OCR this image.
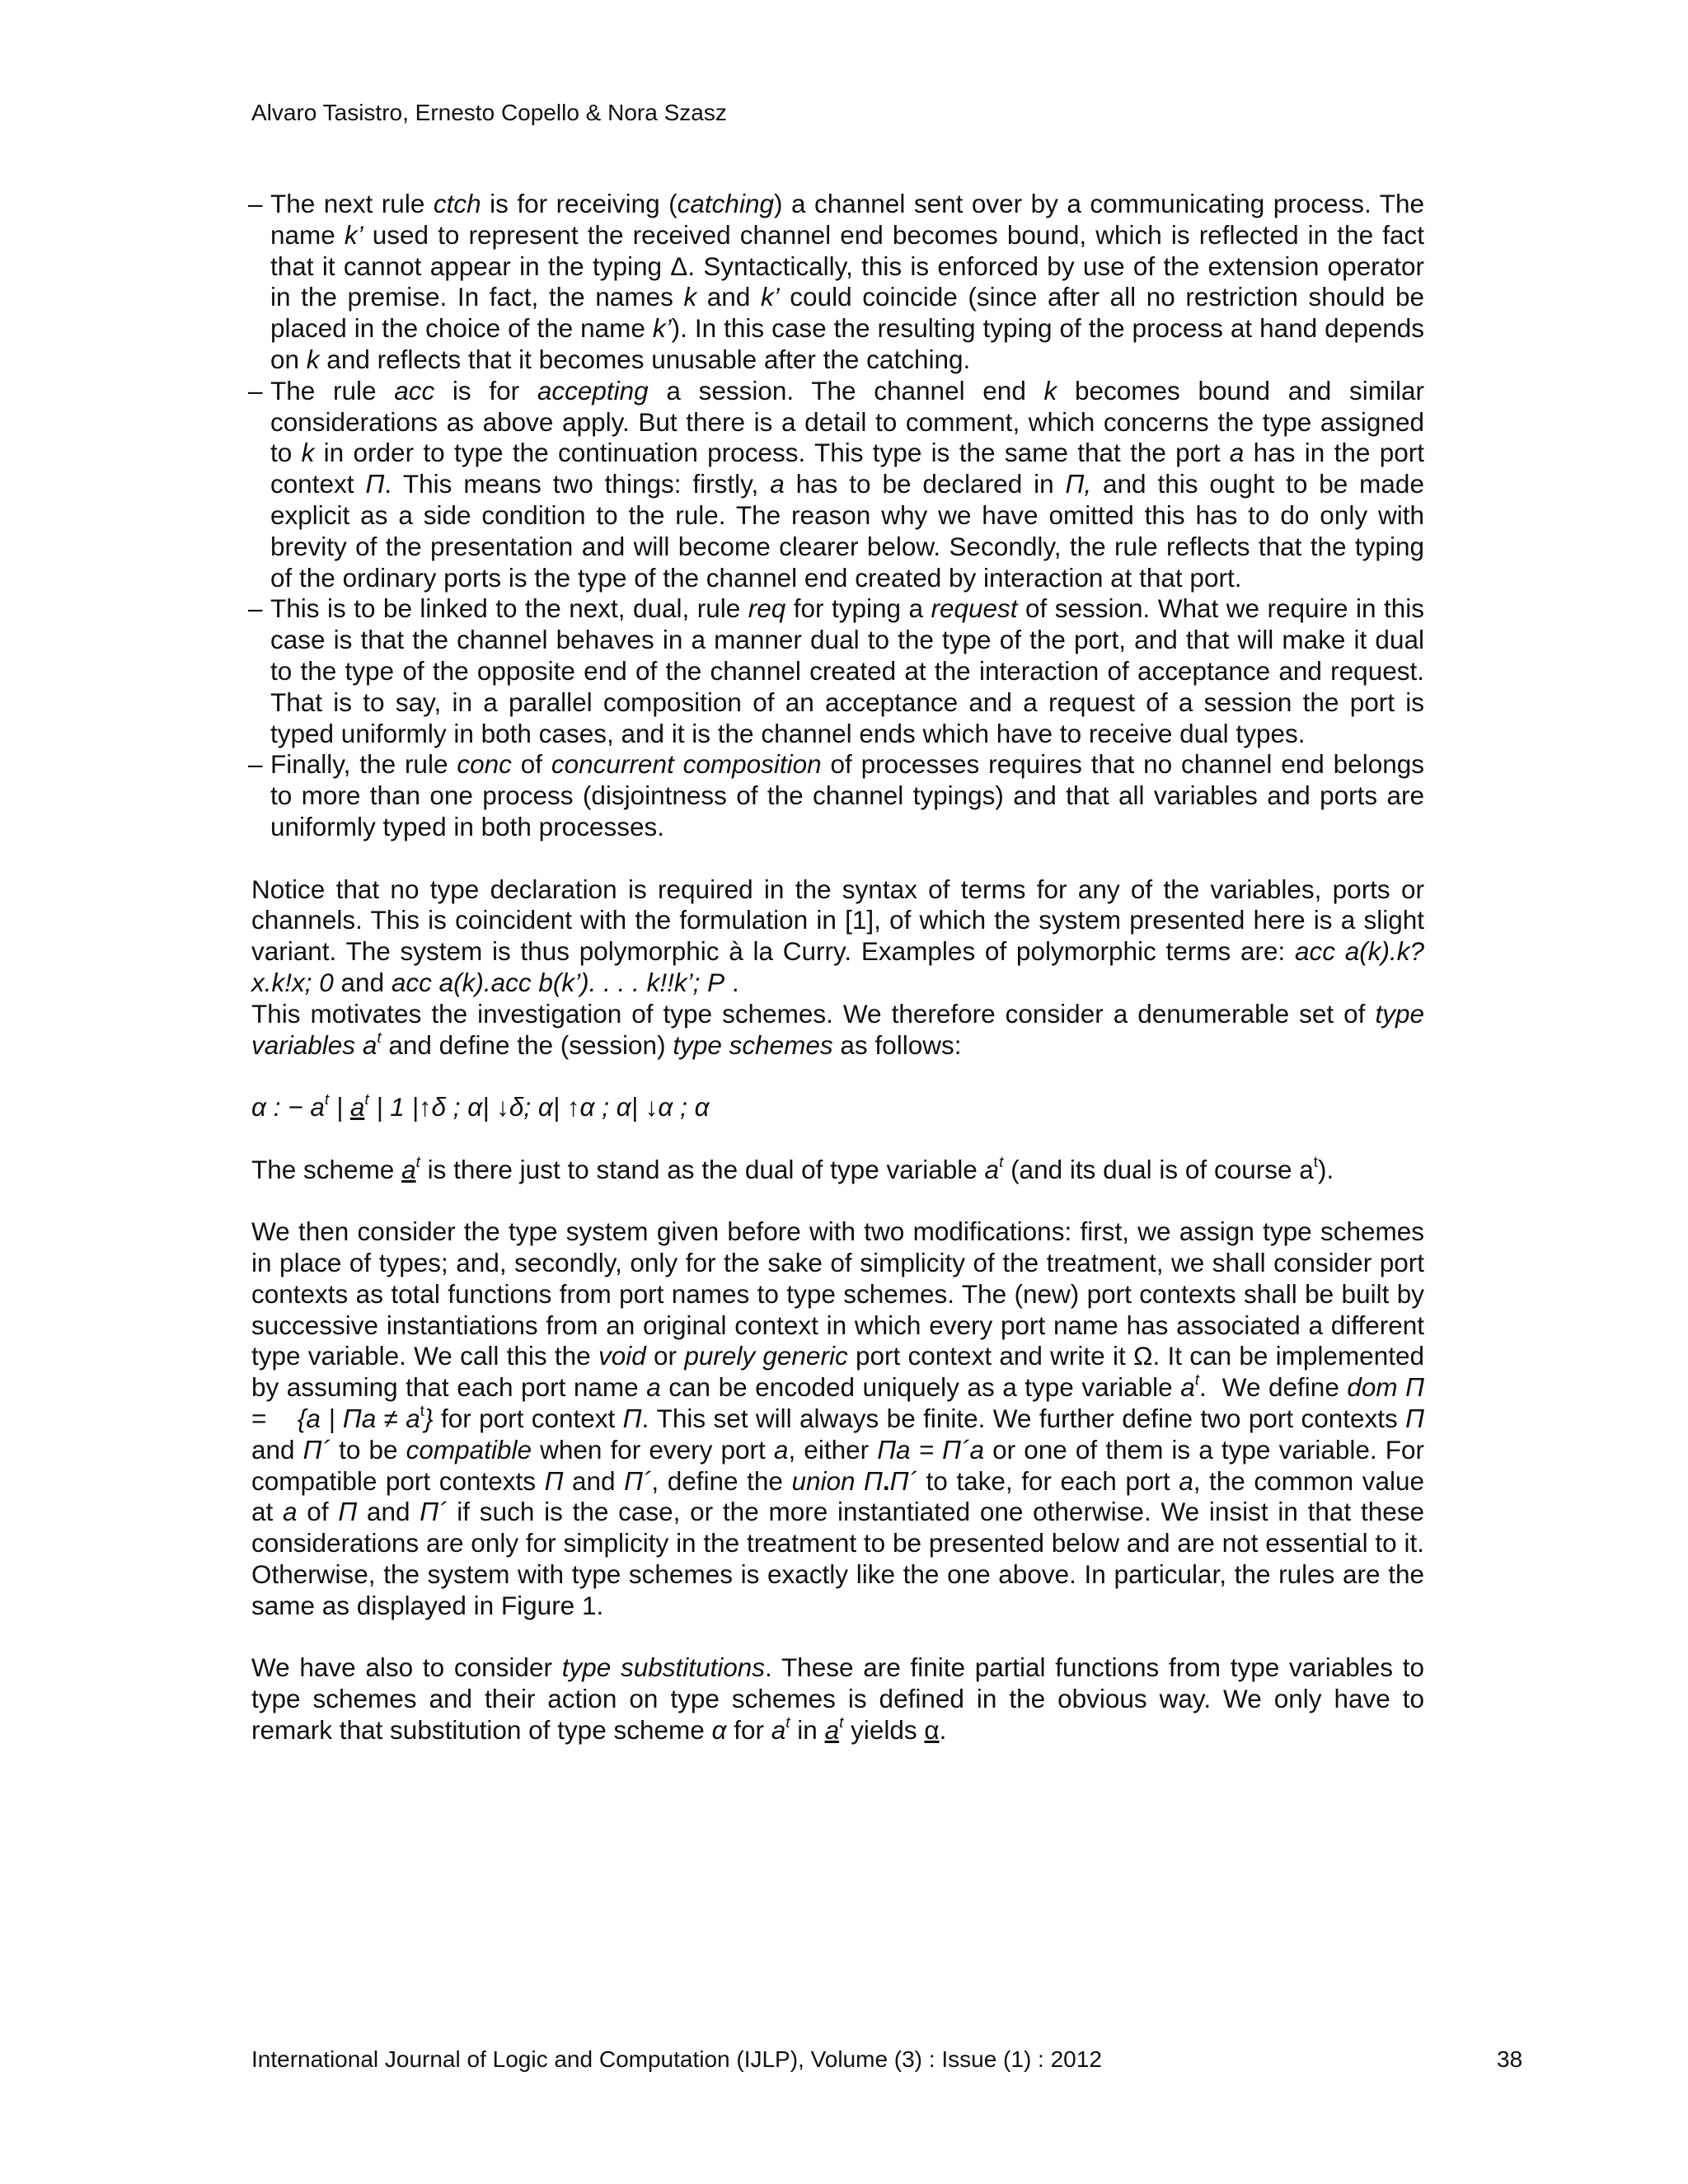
Alvaro Tasistro, Ernesto Copello & Nora Szasz
– The next rule ctch is for receiving (catching) a channel sent over by a communicating process. The name k’ used to represent the received channel end becomes bound, which is reflected in the fact that it cannot appear in the typing Δ. Syntactically, this is enforced by use of the extension operator in the premise. In fact, the names k and k’ could coincide (since after all no restriction should be placed in the choice of the name k’). In this case the resulting typing of the process at hand depends on k and reflects that it becomes unusable after the catching.
– The rule acc is for accepting a session. The channel end k becomes bound and similar considerations as above apply. But there is a detail to comment, which concerns the type assigned to k in order to type the continuation process. This type is the same that the port a has in the port context Π. This means two things: firstly, a has to be declared in Π, and this ought to be made explicit as a side condition to the rule. The reason why we have omitted this has to do only with brevity of the presentation and will become clearer below. Secondly, the rule reflects that the typing of the ordinary ports is the type of the channel end created by interaction at that port.
– This is to be linked to the next, dual, rule req for typing a request of session. What we require in this case is that the channel behaves in a manner dual to the type of the port, and that will make it dual to the type of the opposite end of the channel created at the interaction of acceptance and request. That is to say, in a parallel composition of an acceptance and a request of a session the port is typed uniformly in both cases, and it is the channel ends which have to receive dual types.
– Finally, the rule conc of concurrent composition of processes requires that no channel end belongs to more than one process (disjointness of the channel typings) and that all variables and ports are uniformly typed in both processes.

Notice that no type declaration is required in the syntax of terms for any of the variables, ports or channels. This is coincident with the formulation in [1], of which the system presented here is a slight variant. The system is thus polymorphic à la Curry. Examples of polymorphic terms are: acc a(k).k?x.k!x; 0 and acc a(k).acc b(k’). . . . k!!k’; P .

This motivates the investigation of type schemes. We therefore consider a denumerable set of type variables $a^t$ and define the (session) type schemes as follows:

α : − $a^t$ | $a^t$ | 1 |↑δ ; α| ↓δ; α| ↑α ; α| ↓α ; α

The scheme $a^t$ is there just to stand as the dual of type variable $a^t$ (and its dual is of course $a^t$).

We then consider the type system given before with two modifications: first, we assign type schemes in place of types; and, secondly, only for the sake of simplicity of the treatment, we shall consider port contexts as total functions from port names to type schemes. The (new) port contexts shall be built by successive instantiations from an original context in which every port name has associated a different type variable. We call this the void or purely generic port context and write it Ω. It can be implemented                by assuming that each port name a can be encoded uniquely as a type variable $a^t$.  We define dom Π =    {a | $\Pi a \ne a^t$} for port context Π. This set will always be finite. We further define two port contexts Π and Π´ to be compatible when for every port a, either Πa = Π´a or one of them is a type variable. For compatible port contexts Π and Π´, define the union Π.Π´ to take, for each port a, the common value at a of Π and Π´ if such is the case, or the more instantiated one otherwise. We insist in that these considerations are only for simplicity in the treatment to be presented below and are not essential to it. Otherwise, the system with type schemes is exactly like the one above. In particular, the rules are the same as displayed in Figure 1.

We have also to consider type substitutions. These are finite partial functions from type variables to type schemes and their action on type schemes is defined in the obvious way. We only have to remark that substitution of type scheme α for $a^t$ in $a^t$ yields α.

International Journal of Logic and Computation (IJLP), Volume (3) : Issue (1) : 2012	38
